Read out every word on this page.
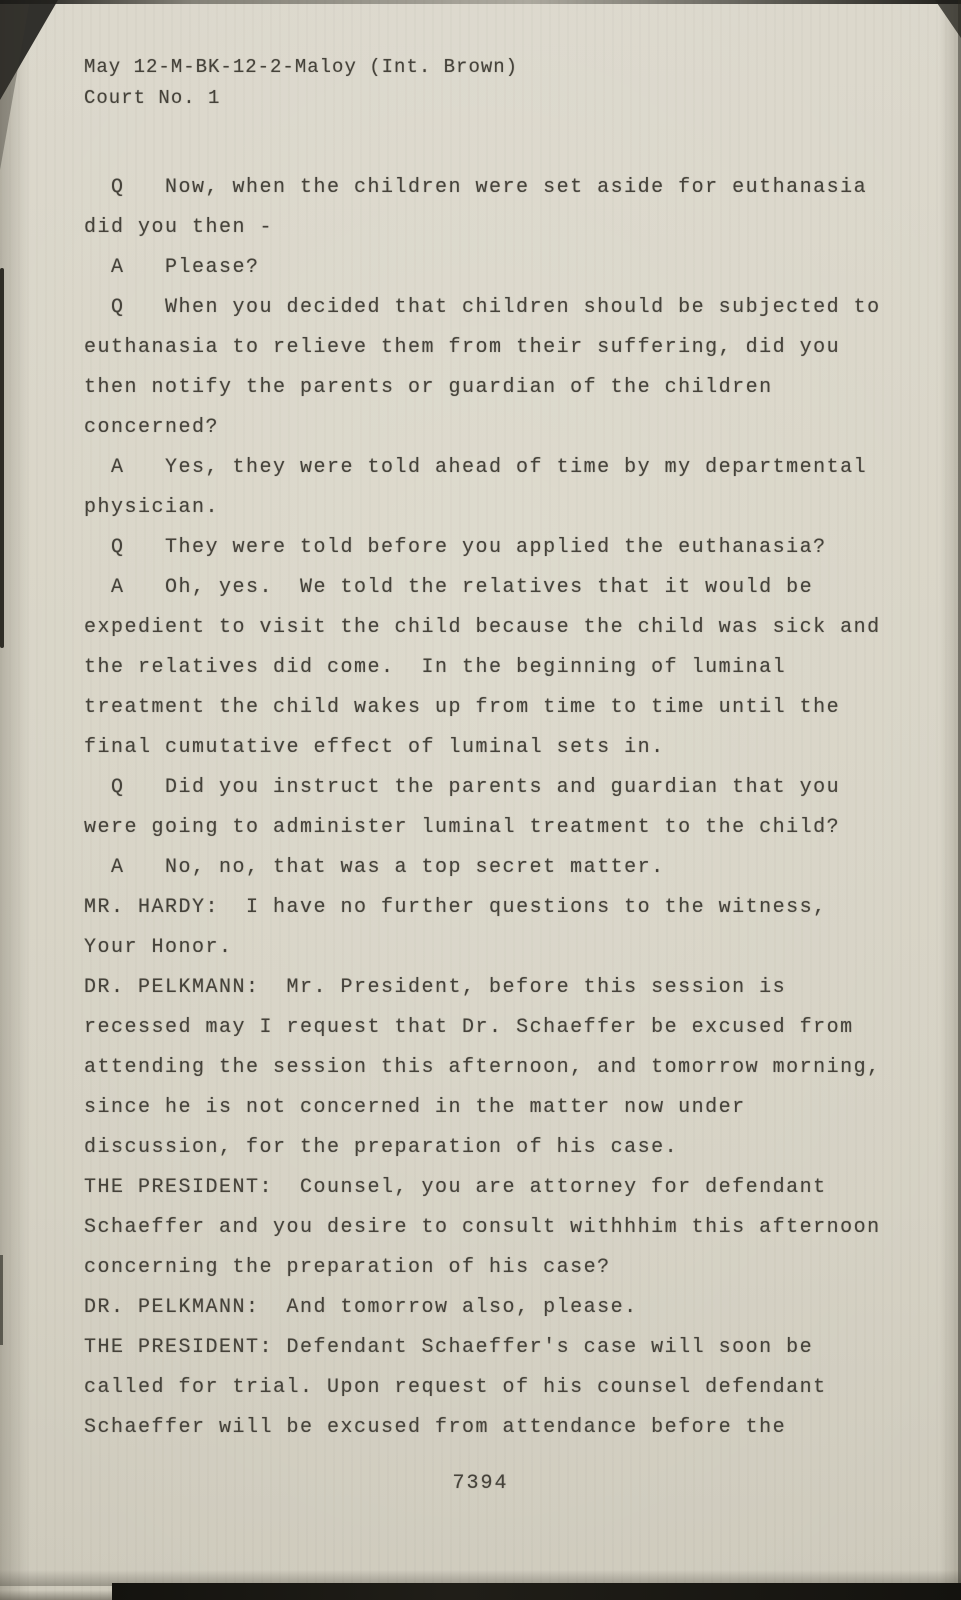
May 12-M-BK-12-2-Maloy (Int. Brown)
Court No. 1

Q   Now, when the children were set aside for euthanasia did you then -

A   Please?

Q   When you decided that children should be subjected to euthanasia to relieve them from their suffering, did you then notify the parents or guardian of the children concerned?

A   Yes, they were told ahead of time by my departmental physician.

Q   They were told before you applied the euthanasia?

A   Oh, yes.  We told the relatives that it would be expedient to visit the child because the child was sick and the relatives did come.  In the beginning of luminal treatment the child wakes up from time to time until the final cumutative effect of luminal sets in.

Q   Did you instruct the parents and guardian that you were going to administer luminal treatment to the child?

A   No, no, that was a top secret matter.

MR. HARDY:  I have no further questions to the witness, Your Honor.

DR. PELKMANN:  Mr. President, before this session is recessed may I request that Dr. Schaeffer be excused from attending the session this afternoon, and tomorrow morning, since he is not concerned in the matter now under discussion, for the preparation of his case.

THE PRESIDENT:  Counsel, you are attorney for defendant Schaeffer and you desire to consult withhhim this afternoon concerning the preparation of his case?

DR. PELKMANN:  And tomorrow also, please.

THE PRESIDENT: Defendant Schaeffer's case will soon be called for trial. Upon request of his counsel defendant Schaeffer will be excused from attendance before the

7394
